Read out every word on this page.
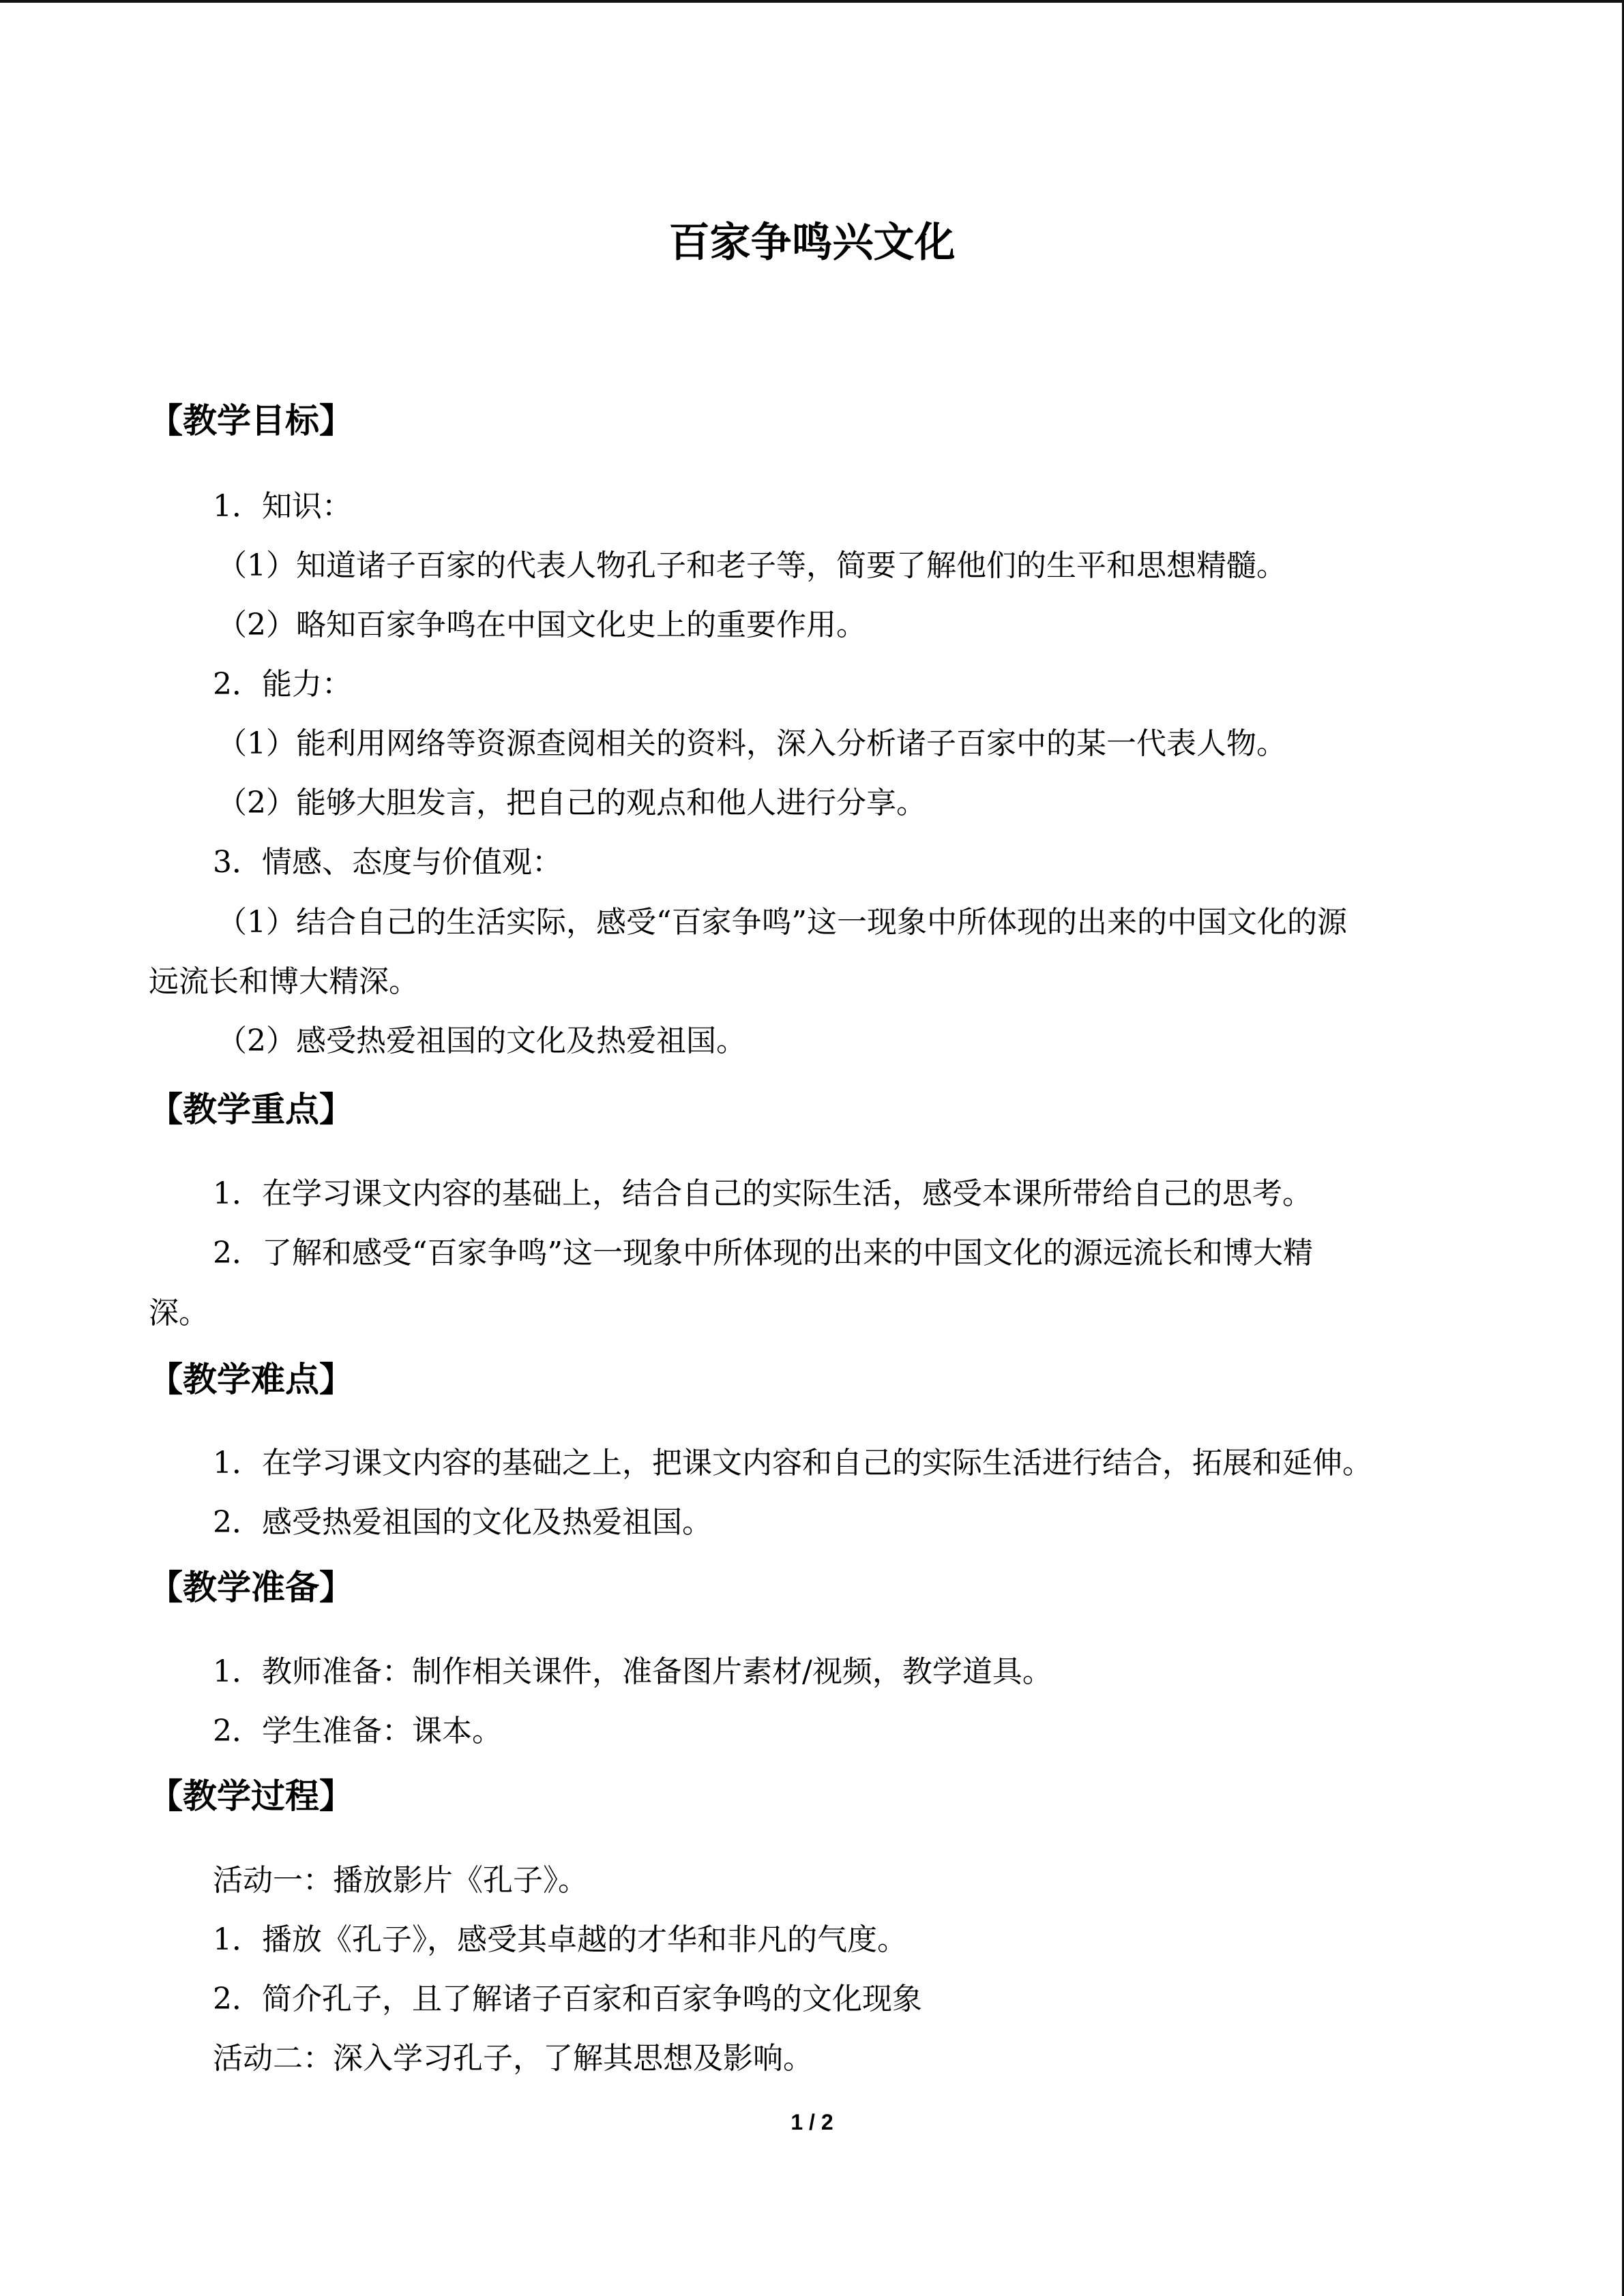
百家争鸣兴文化
【教学目标】
1．知识：
（1）知道诸子百家的代表人物孔子和老子等，简要了解他们的生平和思想精髓。
（2）略知百家争鸣在中国文化史上的重要作用。
2．能力：
（1）能利用网络等资源查阅相关的资料，深入分析诸子百家中的某一代表人物。
（2）能够大胆发言，把自己的观点和他人进行分享。
3．情感、态度与价值观：
（1）结合自己的生活实际，感受“百家争鸣”这一现象中所体现的出来的中国文化的源
远流长和博大精深。
（2）感受热爱祖国的文化及热爱祖国。
【教学重点】
1．在学习课文内容的基础上，结合自己的实际生活，感受本课所带给自己的思考。
2．了解和感受“百家争鸣”这一现象中所体现的出来的中国文化的源远流长和博大精
深。
【教学难点】
1．在学习课文内容的基础之上，把课文内容和自己的实际生活进行结合，拓展和延伸。
2．感受热爱祖国的文化及热爱祖国。
【教学准备】
1．教师准备：制作相关课件，准备图片素材/视频，教学道具。
2．学生准备：课本。
【教学过程】
活动一：播放影片《孔子》。
1．播放《孔子》，感受其卓越的才华和非凡的气度。
2．简介孔子，且了解诸子百家和百家争鸣的文化现象
活动二：深入学习孔子，了解其思想及影响。
1 / 2
